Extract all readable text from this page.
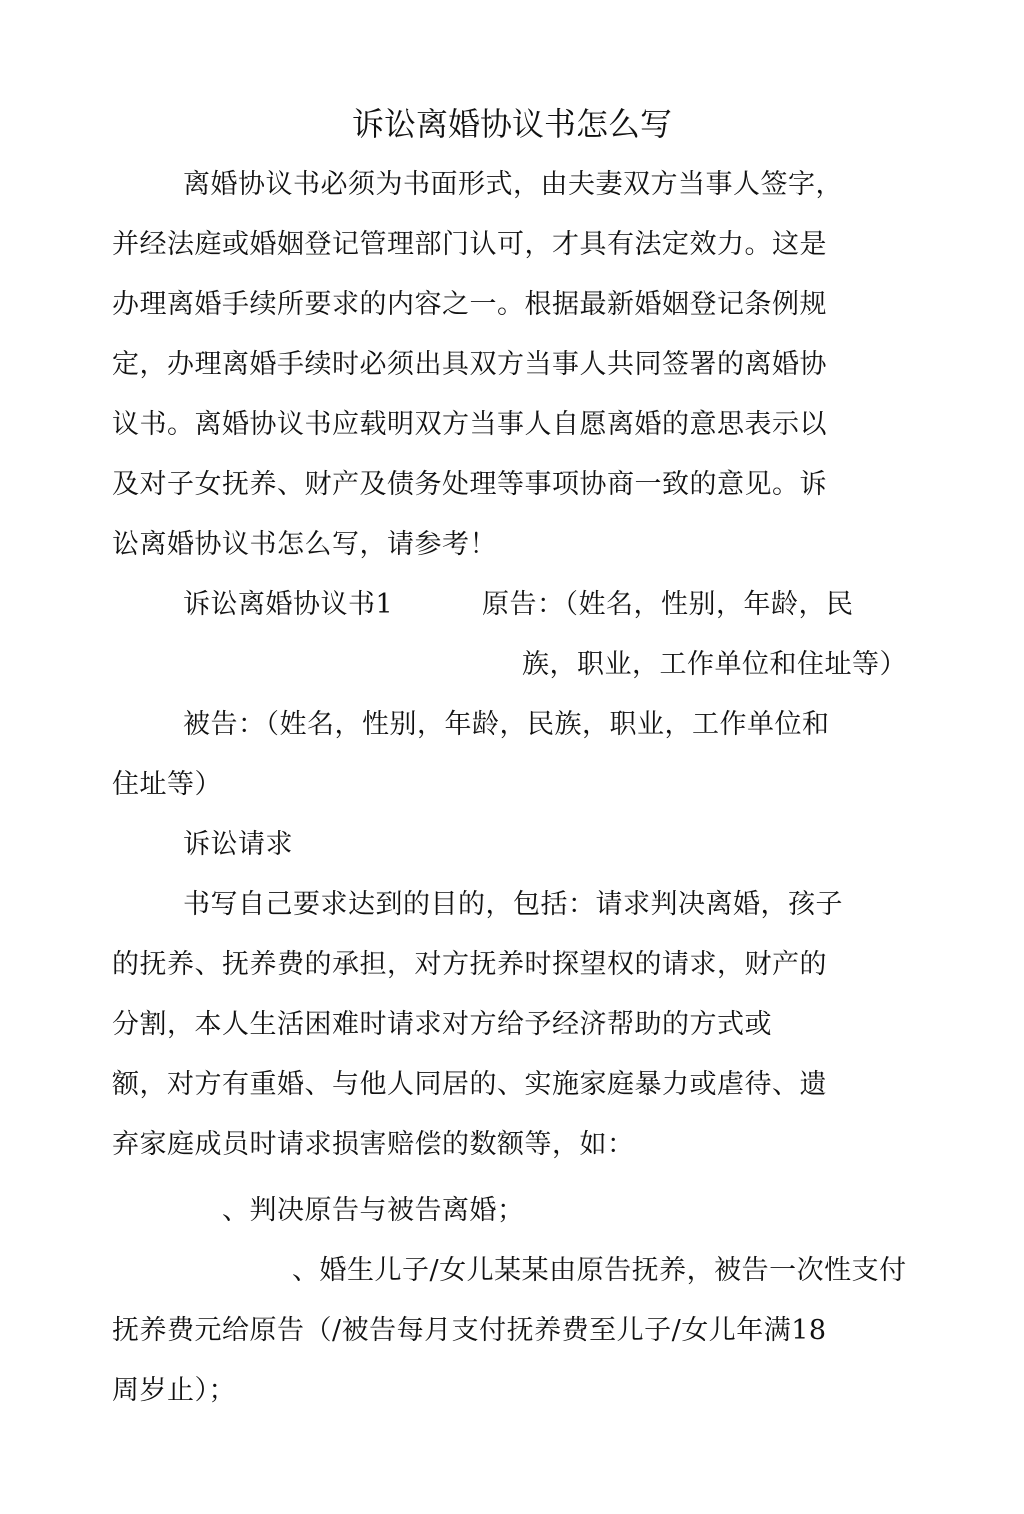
诉讼离婚协议书怎么写
离婚协议书必须为书面形式，由夫妻双方当事人签字，
并经法庭或婚姻登记管理部门认可，才具有法定效力。这是
办理离婚手续所要求的内容之一。根据最新婚姻登记条例规
定，办理离婚手续时必须出具双方当事人共同签署的离婚协
议书。离婚协议书应载明双方当事人自愿离婚的意思表示以
及对子女抚养、财产及债务处理等事项协商一致的意见。诉
讼离婚协议书怎么写，请参考！
诉讼离婚协议书1	原告：（姓名，性别，年龄，民
族，职业，工作单位和住址等）
被告：（姓名，性别，年龄，民族，职业，工作单位和
住址等）
诉讼请求
书写自己要求达到的目的，包括：请求判决离婚，孩子
的抚养、抚养费的承担，对方抚养时探望权的请求，财产的
分割，本人生活困难时请求对方给予经济帮助的方式或
额，对方有重婚、与他人同居的、实施家庭暴力或虐待、遗
弃家庭成员时请求损害赔偿的数额等，如：
、判决原告与被告离婚；
、婚生儿子/女儿某某由原告抚养，被告一次性支付
抚养费元给原告（/被告每月支付抚养费至儿子/女儿年满18
周岁止）；
